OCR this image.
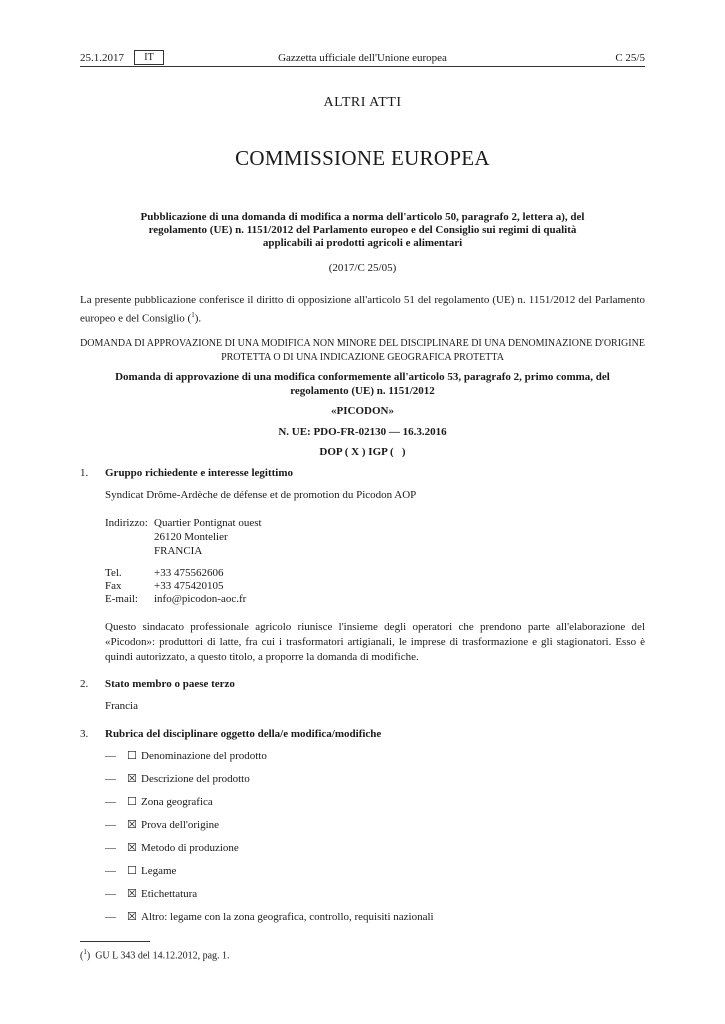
25.1.2017	IT	Gazzetta ufficiale dell'Unione europea	C 25/5
ALTRI ATTI
COMMISSIONE EUROPEA
Pubblicazione di una domanda di modifica a norma dell'articolo 50, paragrafo 2, lettera a), del
regolamento (UE) n. 1151/2012 del Parlamento europeo e del Consiglio sui regimi di qualità
applicabili ai prodotti agricoli e alimentari
(2017/C 25/05)
La presente pubblicazione conferisce il diritto di opposizione all'articolo 51 del regolamento (UE) n. 1151/2012 del Parlamento europeo e del Consiglio ($^1$).
DOMANDA DI APPROVAZIONE DI UNA MODIFICA NON MINORE DEL DISCIPLINARE DI UNA DENOMINAZIONE D'ORIGINE
PROTETTA O DI UNA INDICAZIONE GEOGRAFICA PROTETTA
Domanda di approvazione di una modifica conformemente all'articolo 53, paragrafo 2, primo comma, del
regolamento (UE) n. 1151/2012
«PICODON»
N. UE: PDO-FR-02130 — 16.3.2016
DOP ( X ) IGP (   )
1. Gruppo richiedente e interesse legittimo
Syndicat Drôme-Ardèche de défense et de promotion du Picodon AOP
Indirizzo: Quartier Pontignat ouest
26120 Montelier
FRANCIA
Tel.	+33 475562606
Fax	+33 475420105
E-mail: info@picodon-aoc.fr
Questo sindacato professionale agricolo riunisce l'insieme degli operatori che prendono parte all'elaborazione del «Picodon»: produttori di latte, fra cui i trasformatori artigianali, le imprese di trasformazione e gli stagionatori. Esso è quindi autorizzato, a questo titolo, a proporre la domanda di modifiche.
2. Stato membro o paese terzo
Francia
3. Rubrica del disciplinare oggetto della/e modifica/modifiche
— ☐ Denominazione del prodotto
— ☒ Descrizione del prodotto
— ☐ Zona geografica
— ☒ Prova dell'origine
— ☒ Metodo di produzione
— ☐ Legame
— ☒ Etichettatura
— ☒ Altro: legame con la zona geografica, controllo, requisiti nazionali
($^1$)  GU L 343 del 14.12.2012, pag. 1.
